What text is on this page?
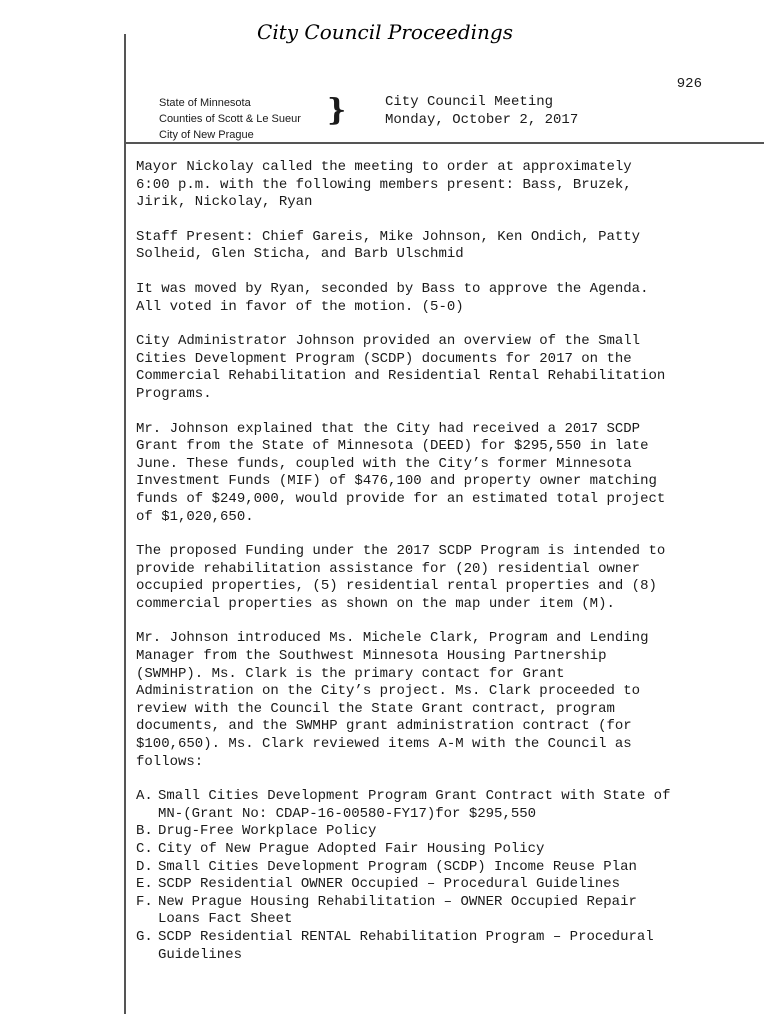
City Council Proceedings
926
State of Minnesota
Counties of Scott & Le Sueur
City of New Prague
}	City Council Meeting
Monday, October 2, 2017

Mayor Nickolay called the meeting to order at approximately
6:00 p.m. with the following members present: Bass, Bruzek,
Jirik, Nickolay, Ryan

Staff Present: Chief Gareis, Mike Johnson, Ken Ondich, Patty
Solheid, Glen Sticha, and Barb Ulschmid

It was moved by Ryan, seconded by Bass to approve the Agenda.
All voted in favor of the motion. (5-0)

City Administrator Johnson provided an overview of the Small
Cities Development Program (SCDP) documents for 2017 on the
Commercial Rehabilitation and Residential Rental Rehabilitation
Programs.

Mr. Johnson explained that the City had received a 2017 SCDP
Grant from the State of Minnesota (DEED) for $295,550 in late
June. These funds, coupled with the City’s former Minnesota
Investment Funds (MIF) of $476,100 and property owner matching
funds of $249,000, would provide for an estimated total project
of $1,020,650.

The proposed Funding under the 2017 SCDP Program is intended to
provide rehabilitation assistance for (20) residential owner
occupied properties, (5) residential rental properties and (8)
commercial properties as shown on the map under item (M).

Mr. Johnson introduced Ms. Michele Clark, Program and Lending
Manager from the Southwest Minnesota Housing Partnership
(SWMHP). Ms. Clark is the primary contact for Grant
Administration on the City’s project. Ms. Clark proceeded to
review with the Council the State Grant contract, program
documents, and the SWMHP grant administration contract (for
$100,650). Ms. Clark reviewed items A-M with the Council as
follows:

A. Small Cities Development Program Grant Contract with State of
MN-(Grant No: CDAP-16-00580-FY17)for $295,550
B. Drug-Free Workplace Policy
C. City of New Prague Adopted Fair Housing Policy
D. Small Cities Development Program (SCDP) Income Reuse Plan
E. SCDP Residential OWNER Occupied – Procedural Guidelines
F. New Prague Housing Rehabilitation – OWNER Occupied Repair
Loans Fact Sheet
G. SCDP Residential RENTAL Rehabilitation Program – Procedural
Guidelines
